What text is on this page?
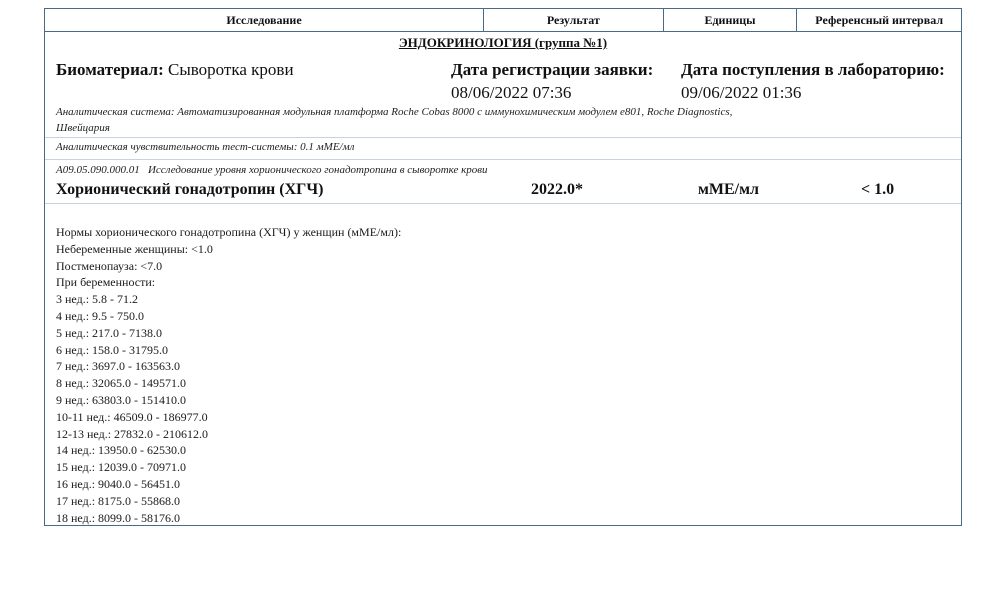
Исследование	Результат	Единицы	Референсный интервал
ЭНДОКРИНОЛОГИЯ (группа №1)
Биоматериал: Сыворотка крови	Дата регистрации заявки:
08/06/2022 07:36
Дата поступления в лабораторию:
09/06/2022 01:36
Аналитическая система: Автоматизированная модульная платформа Roche Cobas 8000 с иммунохимическим модулем e801, Roche Diagnostics,
Швейцария
Аналитическая чувствительность тест-системы: 0.1 мМЕ/мл
A09.05.090.000.01   Исследование уровня хорионического гонадотропина в сыворотке крови
Хорионический гонадотропин (ХГЧ)	2022.0*	мМЕ/мл	< 1.0
Нормы хорионического гонадотропина (ХГЧ) у женщин (мМЕ/мл):
Небеременные женщины: <1.0
Постменопауза: <7.0
При беременности:
3 нед.: 5.8 - 71.2
4 нед.: 9.5 - 750.0
5 нед.: 217.0 - 7138.0
6 нед.: 158.0 - 31795.0
7 нед.: 3697.0 - 163563.0
8 нед.: 32065.0 - 149571.0
9 нед.: 63803.0 - 151410.0
10-11 нед.: 46509.0 - 186977.0
12-13 нед.: 27832.0 - 210612.0
14 нед.: 13950.0 - 62530.0
15 нед.: 12039.0 - 70971.0
16 нед.: 9040.0 - 56451.0
17 нед.: 8175.0 - 55868.0
18 нед.: 8099.0 - 58176.0
